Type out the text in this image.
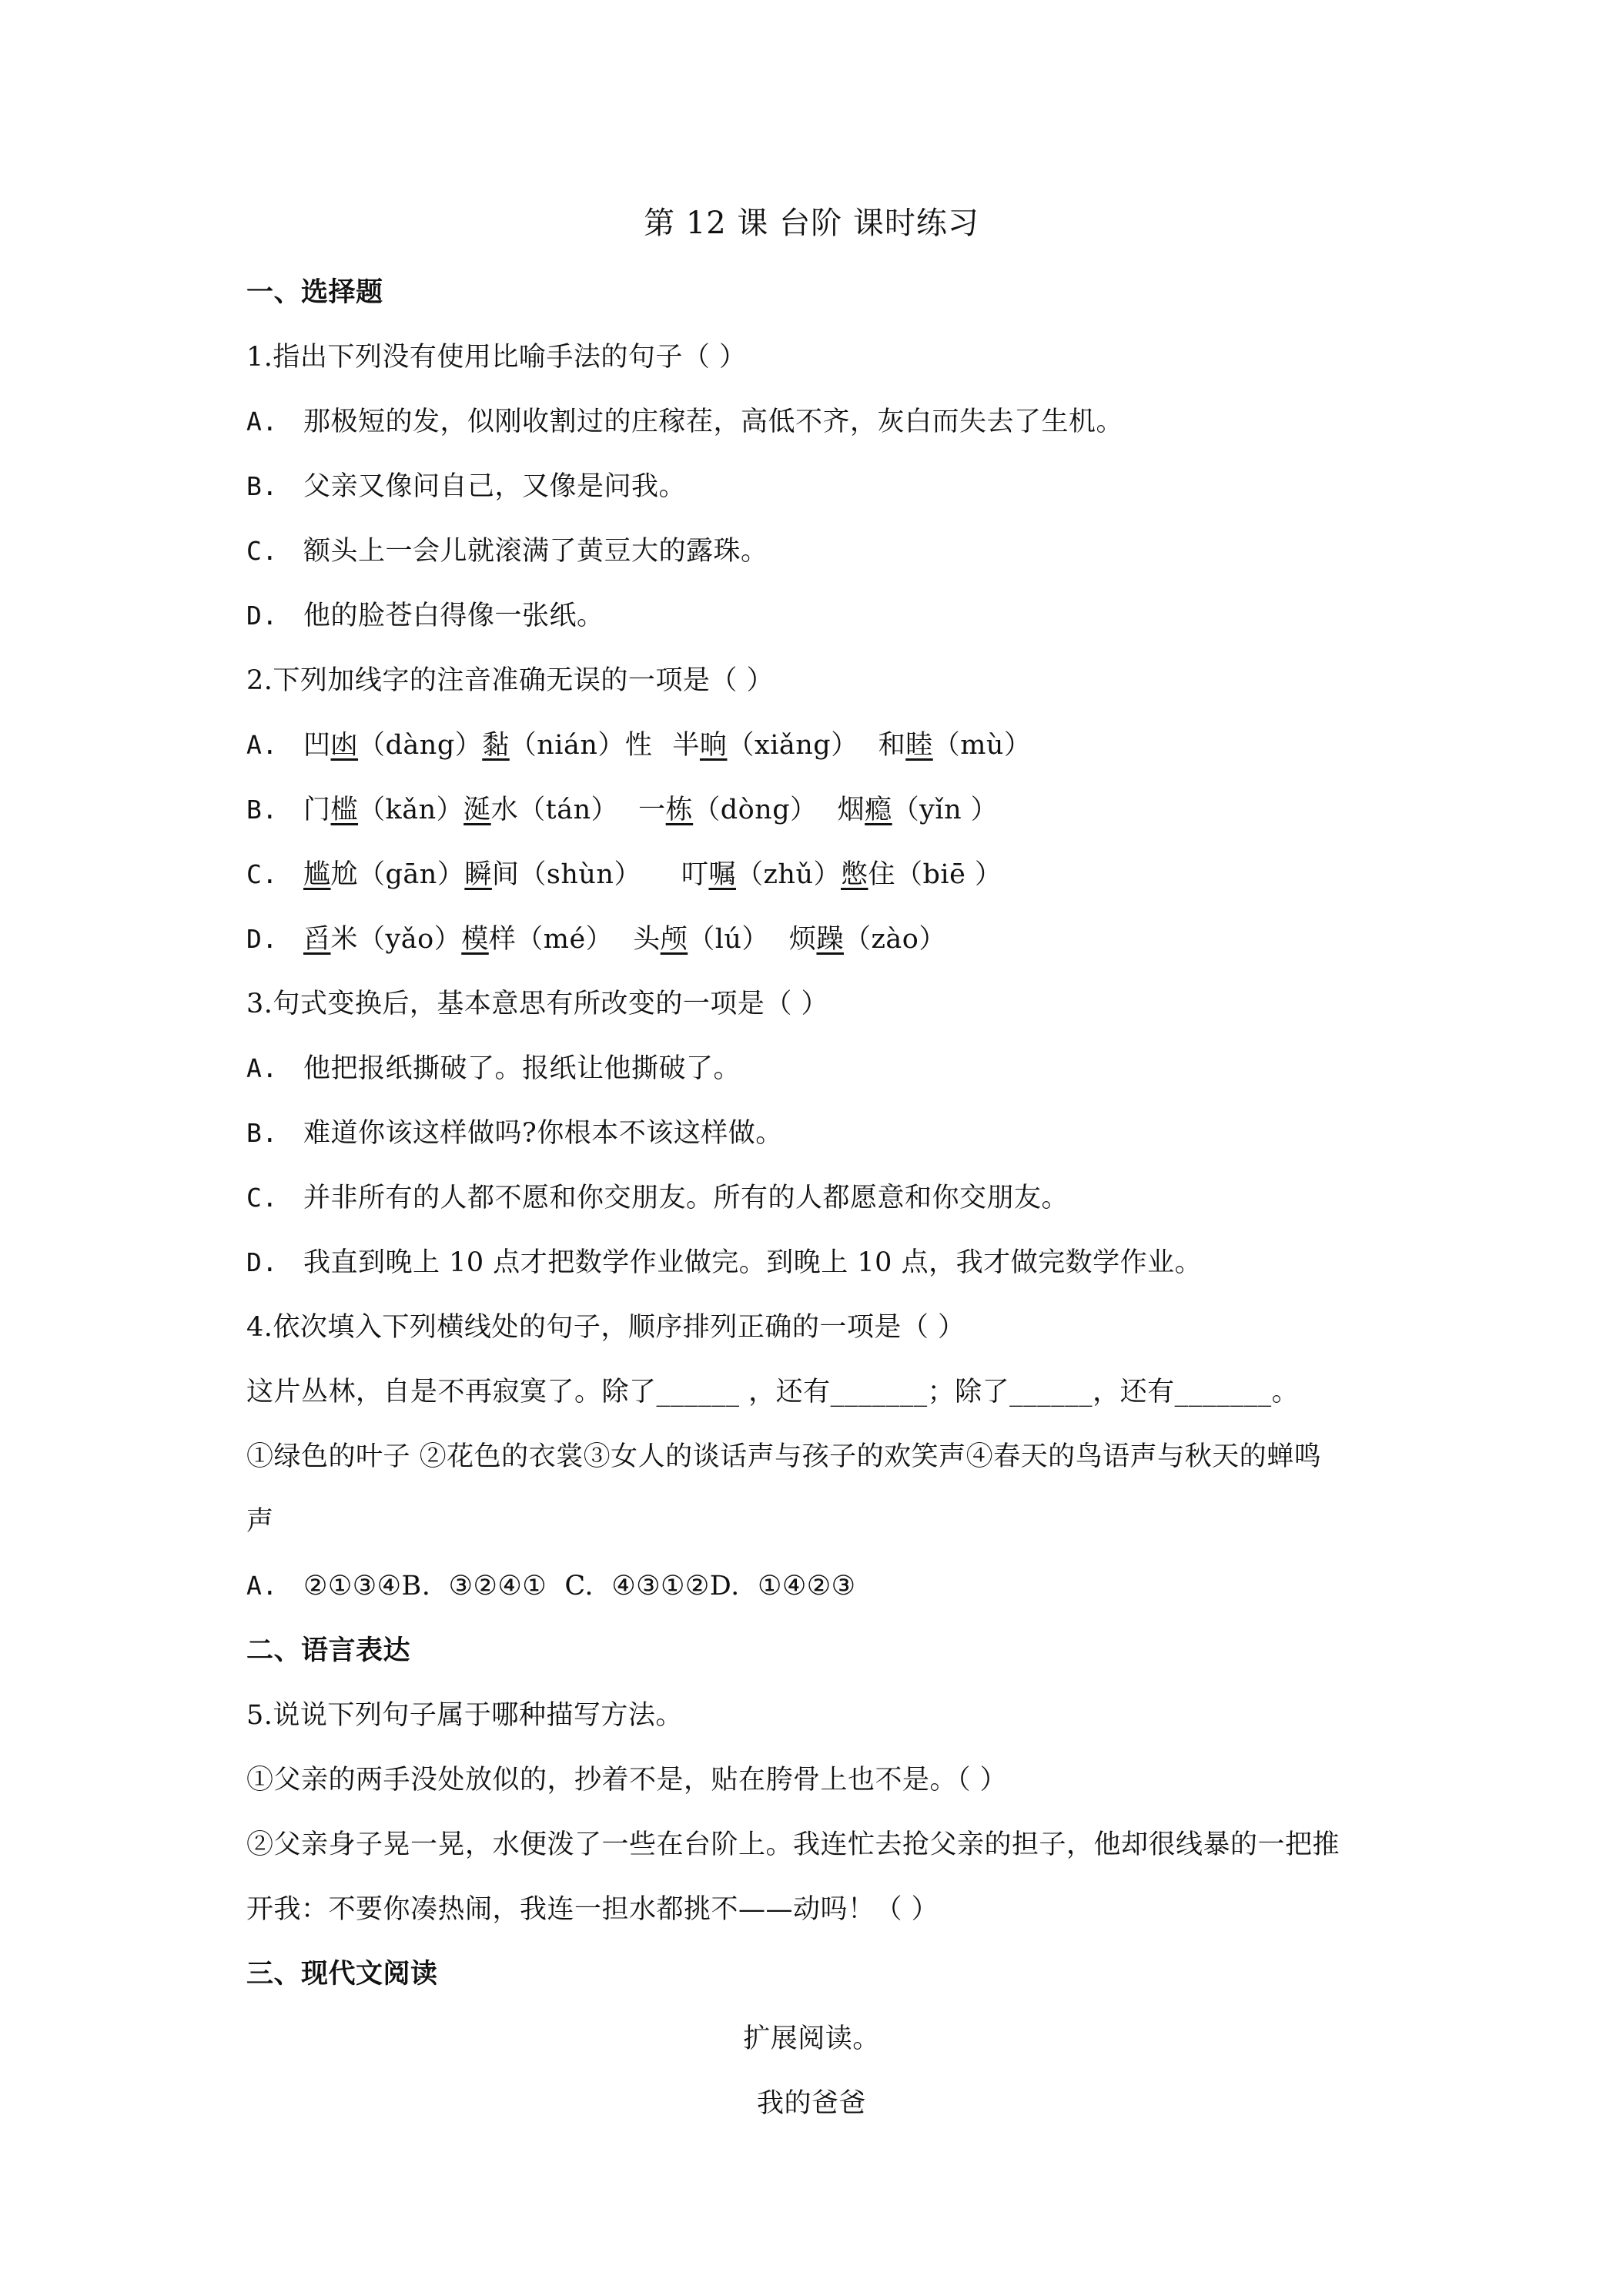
第 12 课 台阶 课时练习
一、选择题
1.指出下列没有使用比喻手法的句子（ ）
A. 那极短的发，似刚收割过的庄稼茬，高低不齐，灰白而失去了生机。
B. 父亲又像问自己，又像是问我。
C. 额头上一会儿就滚满了黄豆大的露珠。
D. 他的脸苍白得像一张纸。
2.下列加线字的注音准确无误的一项是（ ）
A. 凹凼（dàng）黏（nián）性 半晌（xiǎng） 和睦（mù）
B. 门槛（kǎn）涎水（tán） 一栋（dòng） 烟瘾（yǐn ）
C. 尴尬（gān）瞬间（shùn） 叮嘱（zhǔ）憋住（biē ）
D. 舀米（yǎo）模样（mé） 头颅（lú） 烦躁（zào）
3.句式变换后，基本意思有所改变的一项是（ ）
A. 他把报纸撕破了。报纸让他撕破了。
B. 难道你该这样做吗?你根本不该这样做。
C. 并非所有的人都不愿和你交朋友。所有的人都愿意和你交朋友。
D. 我直到晚上 10 点才把数学作业做完。到晚上 10 点，我才做完数学作业。
4.依次填入下列横线处的句子，顺序排列正确的一项是（ ）
这片丛林，自是不再寂寞了。除了______ ，还有_______；除了______，还有_______。
①绿色的叶子 ②花色的衣裳③女人的谈话声与孩子的欢笑声④春天的鸟语声与秋天的蝉鸣
声
A. ②①③④B.  ③②④①  C.  ④③①②D.  ①④②③
二、语言表达
5.说说下列句子属于哪种描写方法。
①父亲的两手没处放似的，抄着不是，贴在胯骨上也不是。（ ）
②父亲身子晃一晃，水便泼了一些在台阶上。我连忙去抢父亲的担子，他却很线暴的一把推
开我：不要你凑热闹，我连一担水都挑不——动吗！（ ）
三、现代文阅读
扩展阅读。
我的爸爸
